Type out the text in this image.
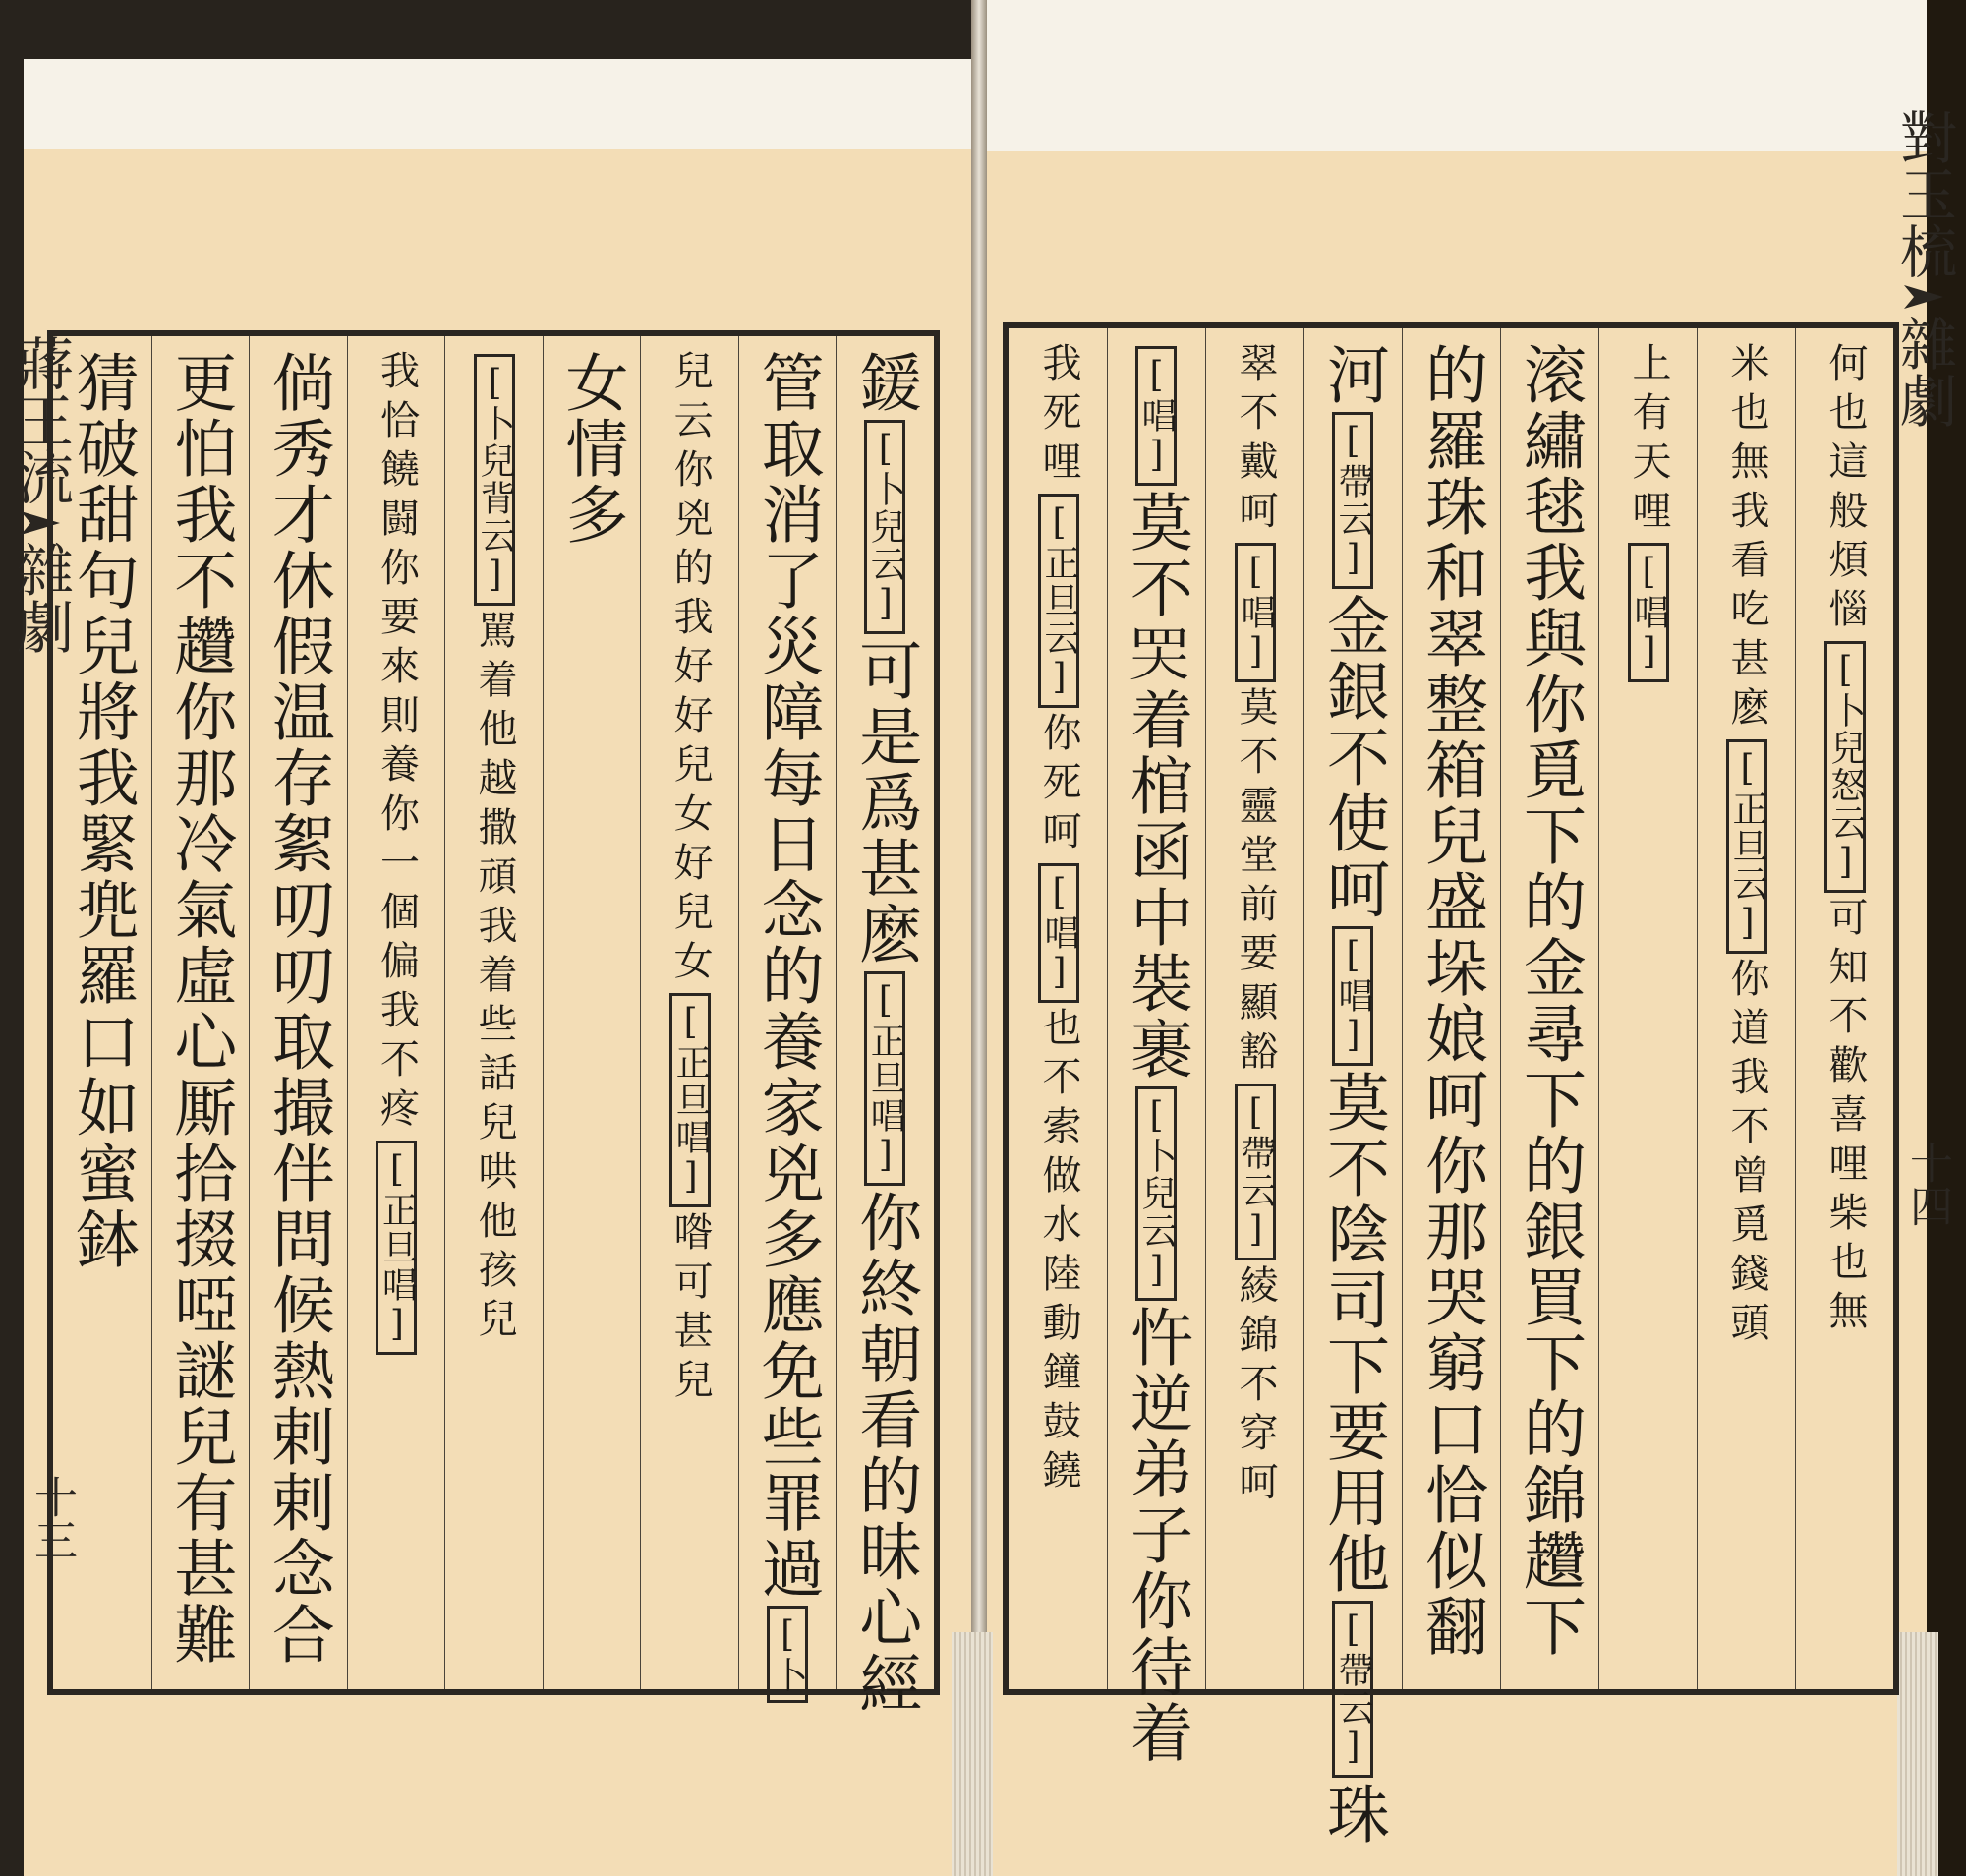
蔣王流雜劇
十三
對玉梳雜劇
十四
鍰[卜兒云]可是爲甚麽[正旦唱]你終朝看的昧心經
管取消了災障每日念的養家兇多應免些罪過[卜
兒云你兇的我好好兒女好兒女[正旦唱]喒可甚兒
女情多
[卜兒背云]駡着他越撒頑我着些話兒哄他孩兒
我恰饒闘你要來則養你一個偏我不疼[正旦唱]
倘秀才休假温存絮叨叨取撮伴問候熱剌剌念合
更怕我不趲你那冷氣虛心厮拾掇啞謎兒有甚難
猜破甜句兒將我緊兠羅口如蜜鉢	何也這般煩惱[卜兒怒云]可知不歡喜哩柴也無
米也無我看吃甚麽[正旦云]你道我不曾覓錢頭
上有天哩[唱]
滚繡毬我與你覓下的金尋下的銀買下的錦趲下
的羅珠和翠整箱兒盛垛娘呵你那哭窮口恰似翻
河[帶云]金銀不使呵[唱]莫不陰司下要用他[帶云]珠
翠不戴呵[唱]莫不靈堂前要顯豁[帶云]綾錦不穿呵
[唱]莫不𦉼着棺函中裝裹[卜兒云]忤逆弟子你待着
我死哩[正旦云]你死呵[唱]也不索做水陸動鐘鼓鐃
